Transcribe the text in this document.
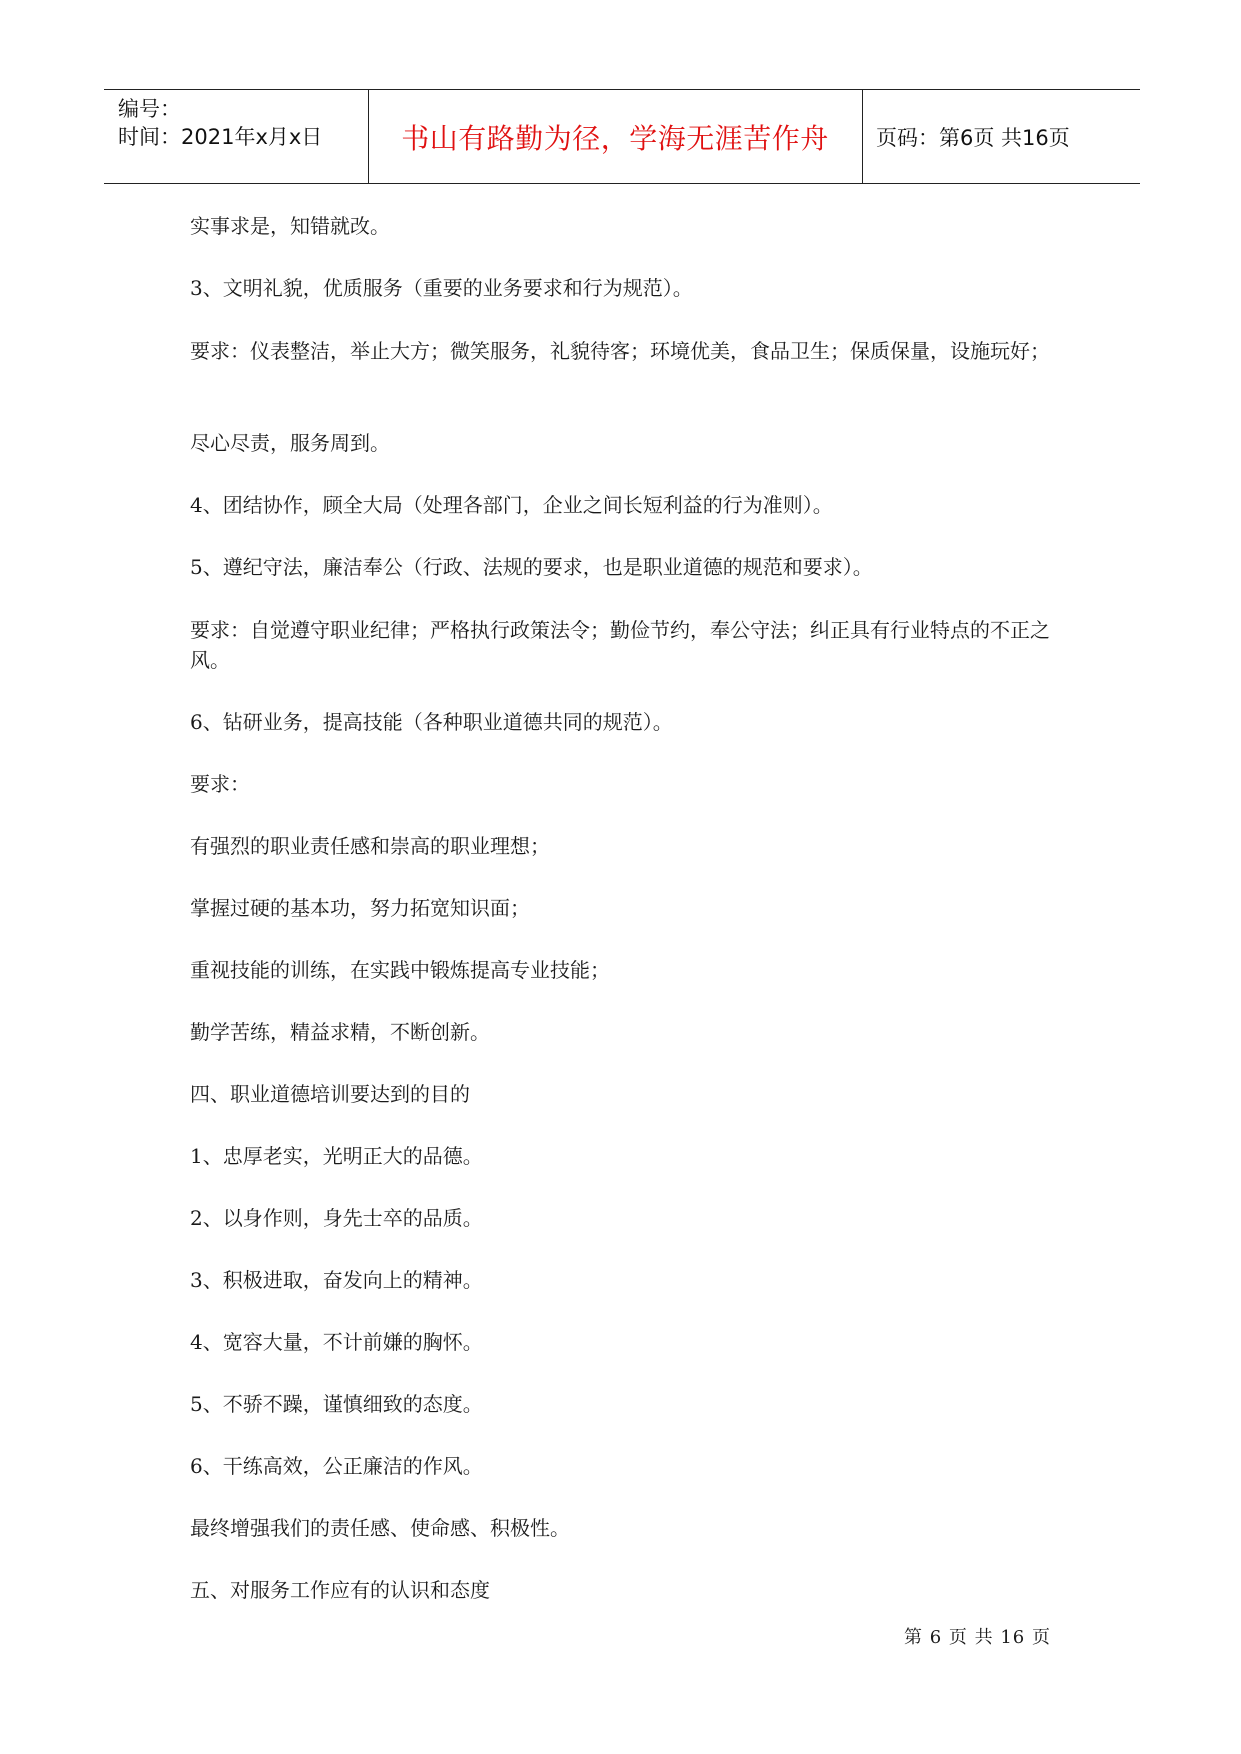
编号：
时间：2021年x月x日	书山有路勤为径，学海无涯苦作舟 页码：第6页 共16页
实事求是，知错就改。
3、文明礼貌，优质服务（重要的业务要求和行为规范）。
要求：仪表整洁，举止大方；微笑服务，礼貌待客；环境优美，食品卫生；保质保量，设施玩好；
尽心尽责，服务周到。
4、团结协作，顾全大局（处理各部门，企业之间长短利益的行为准则）。
5、遵纪守法，廉洁奉公（行政、法规的要求，也是职业道德的规范和要求）。
要求：自觉遵守职业纪律；严格执行政策法令；勤俭节约，奉公守法；纠正具有行业特点的不正之风。
6、钻研业务，提高技能（各种职业道德共同的规范）。
要求：
有强烈的职业责任感和崇高的职业理想；
掌握过硬的基本功，努力拓宽知识面；
重视技能的训练，在实践中锻炼提高专业技能；
勤学苦练，精益求精，不断创新。
四、职业道德培训要达到的目的
1、忠厚老实，光明正大的品德。
2、以身作则，身先士卒的品质。
3、积极进取，奋发向上的精神。
4、宽容大量，不计前嫌的胸怀。
5、不骄不躁，谨慎细致的态度。
6、干练高效，公正廉洁的作风。
最终增强我们的责任感、使命感、积极性。
五、对服务工作应有的认识和态度
第 6 页 共 16 页
